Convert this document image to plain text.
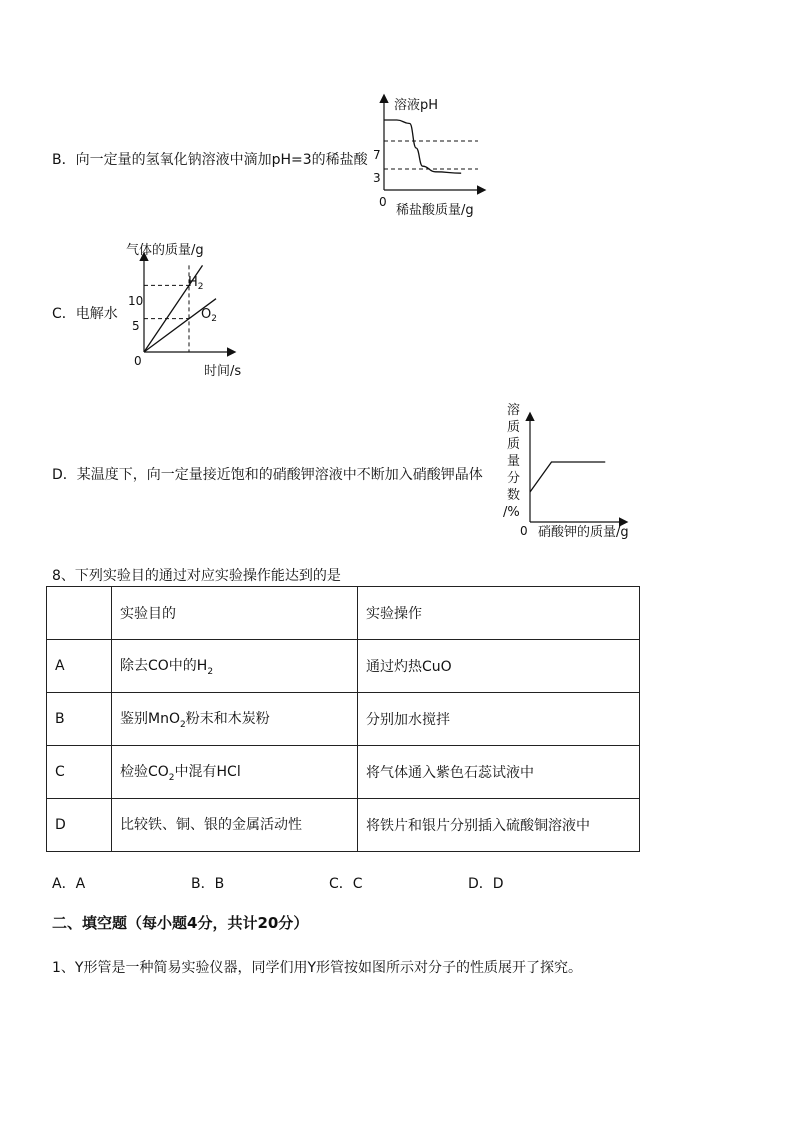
B．向一定量的氢氧化钠溶液中滴加pH=3的稀盐酸
溶液pH
7
3
0
稀盐酸质量/g
C．电解水
气体的质量/g
10
5
0
时间/s
$H_2$
$O_2$
D．某温度下，向一定量接近饱和的硝酸钾溶液中不断加入硝酸钾晶体
溶
质
质
量
分
数
/%
0 硝酸钾的质量/g
8、下列实验目的通过对应实验操作能达到的是
	实验目的	实验操作
A	除去CO中的$H_2$	通过灼热CuO
B	鉴别MnO$_2$粉末和木炭粉	分别加水搅拌
C	检验$CO_2$中混有HCl	将气体通入紫色石蕊试液中
D	比较铁、铜、银的金属活动性	将铁片和银片分别插入硫酸铜溶液中
A．A	B．B	C．C	D．D
二、填空题（每小题4分，共计20分）
1、Y形管是一种简易实验仪器，同学们用Y形管按如图所示对分子的性质展开了探究。
